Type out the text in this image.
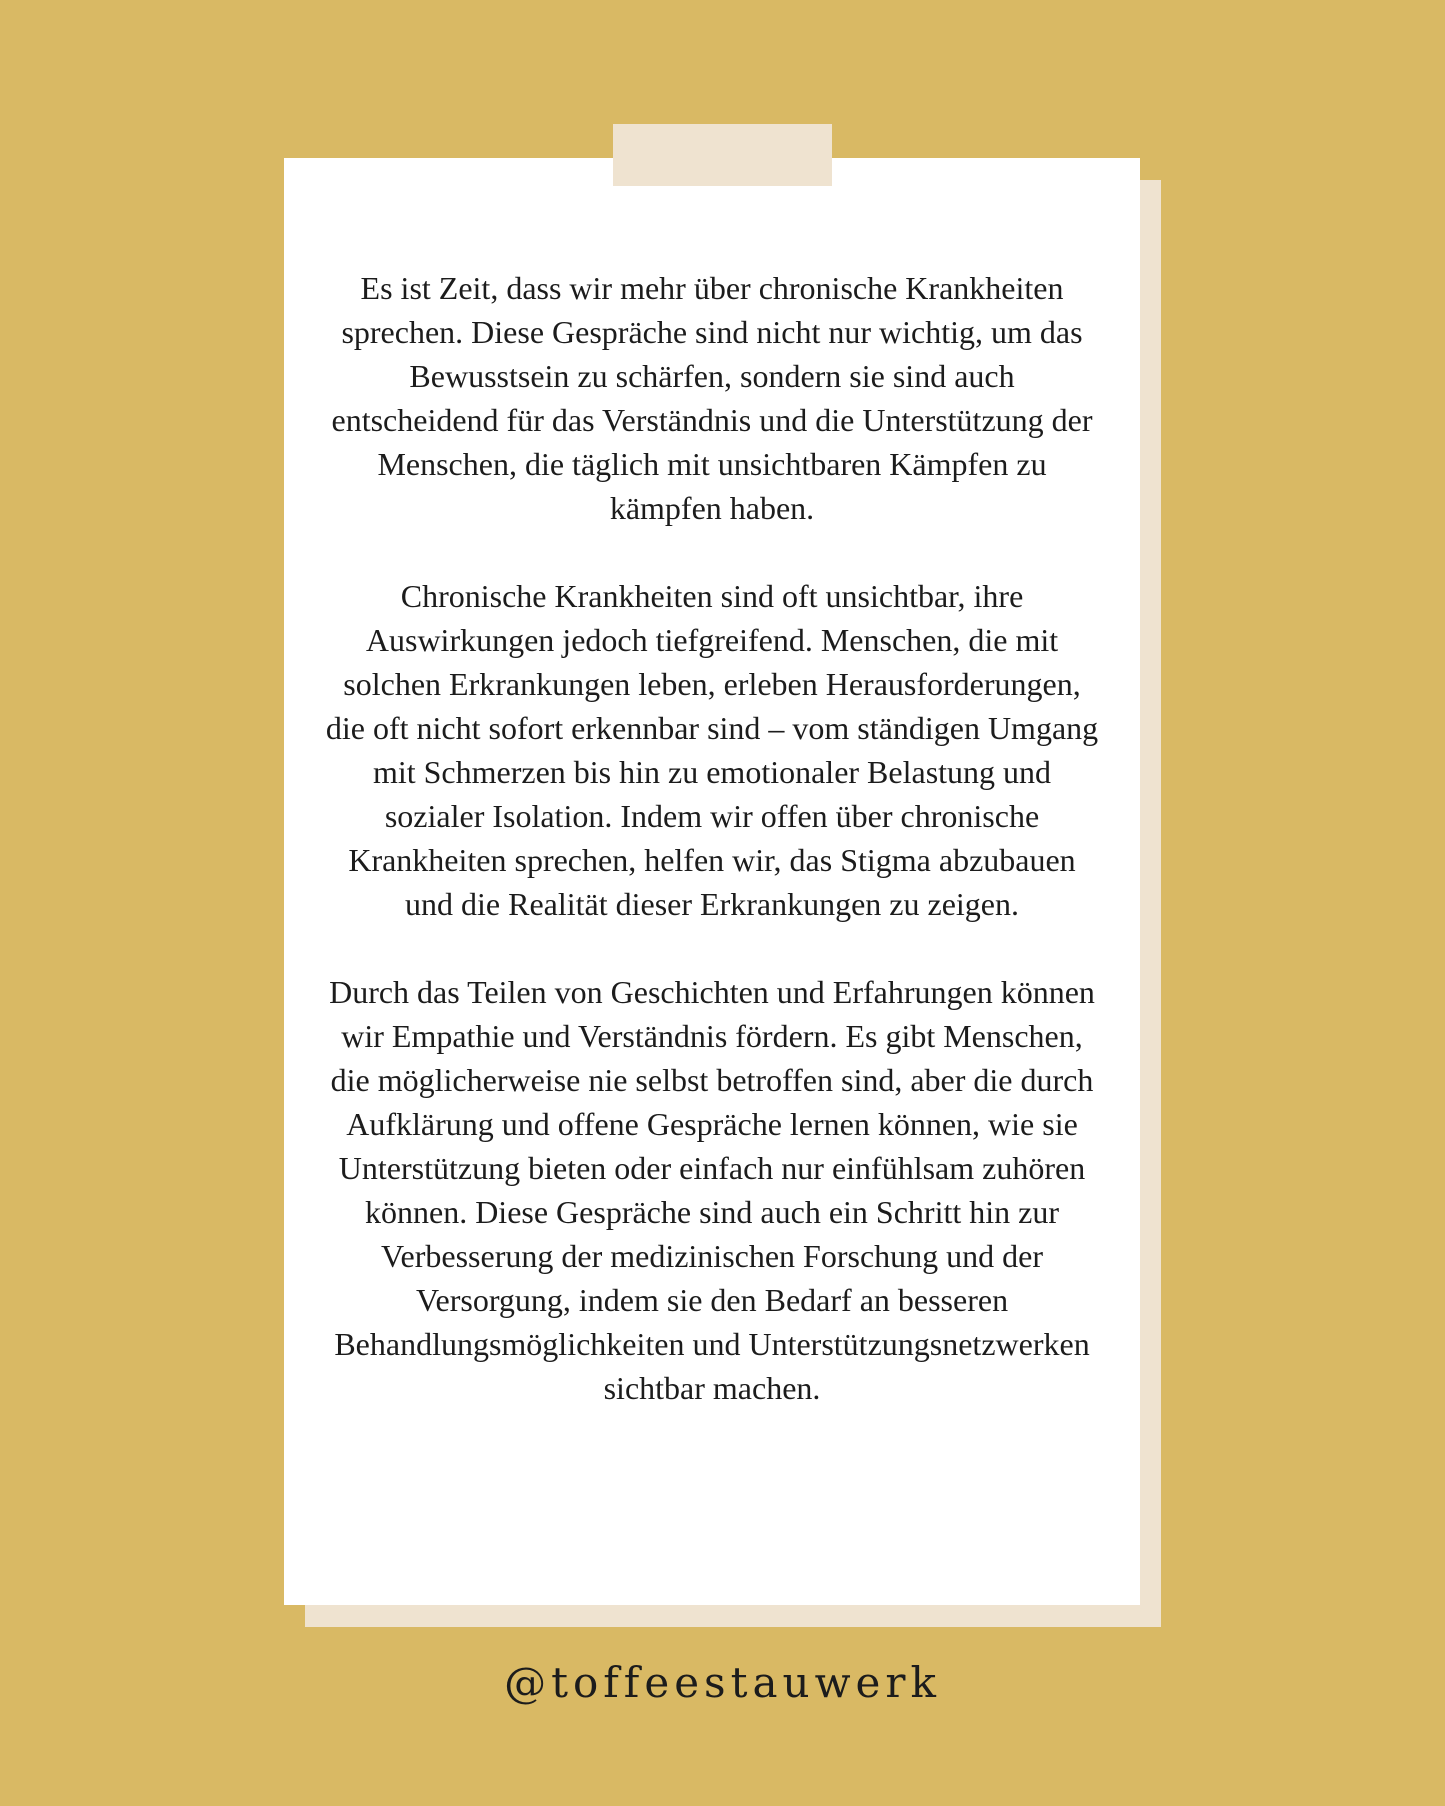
Es ist Zeit, dass wir mehr über chronische Krankheiten sprechen. Diese Gespräche sind nicht nur wichtig, um das Bewusstsein zu schärfen, sondern sie sind auch entscheidend für das Verständnis und die Unterstützung der Menschen, die täglich mit unsichtbaren Kämpfen zu kämpfen haben.

Chronische Krankheiten sind oft unsichtbar, ihre Auswirkungen jedoch tiefgreifend. Menschen, die mit solchen Erkrankungen leben, erleben Herausforderungen, die oft nicht sofort erkennbar sind – vom ständigen Umgang mit Schmerzen bis hin zu emotionaler Belastung und sozialer Isolation. Indem wir offen über chronische Krankheiten sprechen, helfen wir, das Stigma abzubauen und die Realität dieser Erkrankungen zu zeigen.

Durch das Teilen von Geschichten und Erfahrungen können wir Empathie und Verständnis fördern. Es gibt Menschen, die möglicherweise nie selbst betroffen sind, aber die durch Aufklärung und offene Gespräche lernen können, wie sie Unterstützung bieten oder einfach nur einfühlsam zuhören können. Diese Gespräche sind auch ein Schritt hin zur Verbesserung der medizinischen Forschung und der Versorgung, indem sie den Bedarf an besseren Behandlungsmöglichkeiten und Unterstützungsnetzwerken sichtbar machen.

@toffeestauwerk
